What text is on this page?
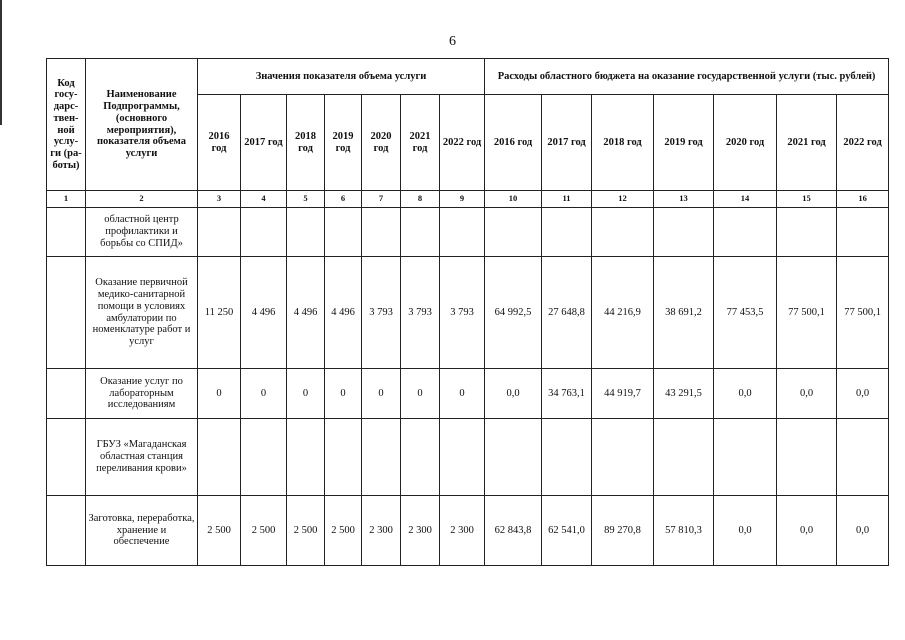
6
Код госу-дарс-твен-ной услу-ги (ра-боты)	Наименование Подпрограммы, (основного мероприятия), показателя объема услуги	Значения показателя объема услуги							Расходы областного бюджета на оказание государственной услуги (тыс. рублей)						
		2016 год	2017 год	2018 год	2019 год	2020 год	2021 год	2022 год	2016 год	2017 год	2018 год	2019 год	2020 год	2021 год	2022 год
1	2	3	4	5	6	7	8	9	10	11	12	13	14	15	16
	областной центр профилактики и борьбы со СПИД»														
	Оказание первичной медико-санитарной помощи в условиях амбулатории по номенклатуре работ и услуг	11 250	4 496	4 496	4 496	3 793	3 793	3 793	64 992,5	27 648,8	44 216,9	38 691,2	77 453,5	77 500,1	77 500,1
	Оказание услуг по лабораторным исследованиям	0	0	0	0	0	0	0	0,0	34 763,1	44 919,7	43 291,5	0,0	0,0	0,0
	ГБУЗ «Магаданская областная станция переливания крови»														
	Заготовка, переработка, хранение и обеспечение	2 500	2 500	2 500	2 500	2 300	2 300	2 300	62 843,8	62 541,0	89 270,8	57 810,3	0,0	0,0	0,0
